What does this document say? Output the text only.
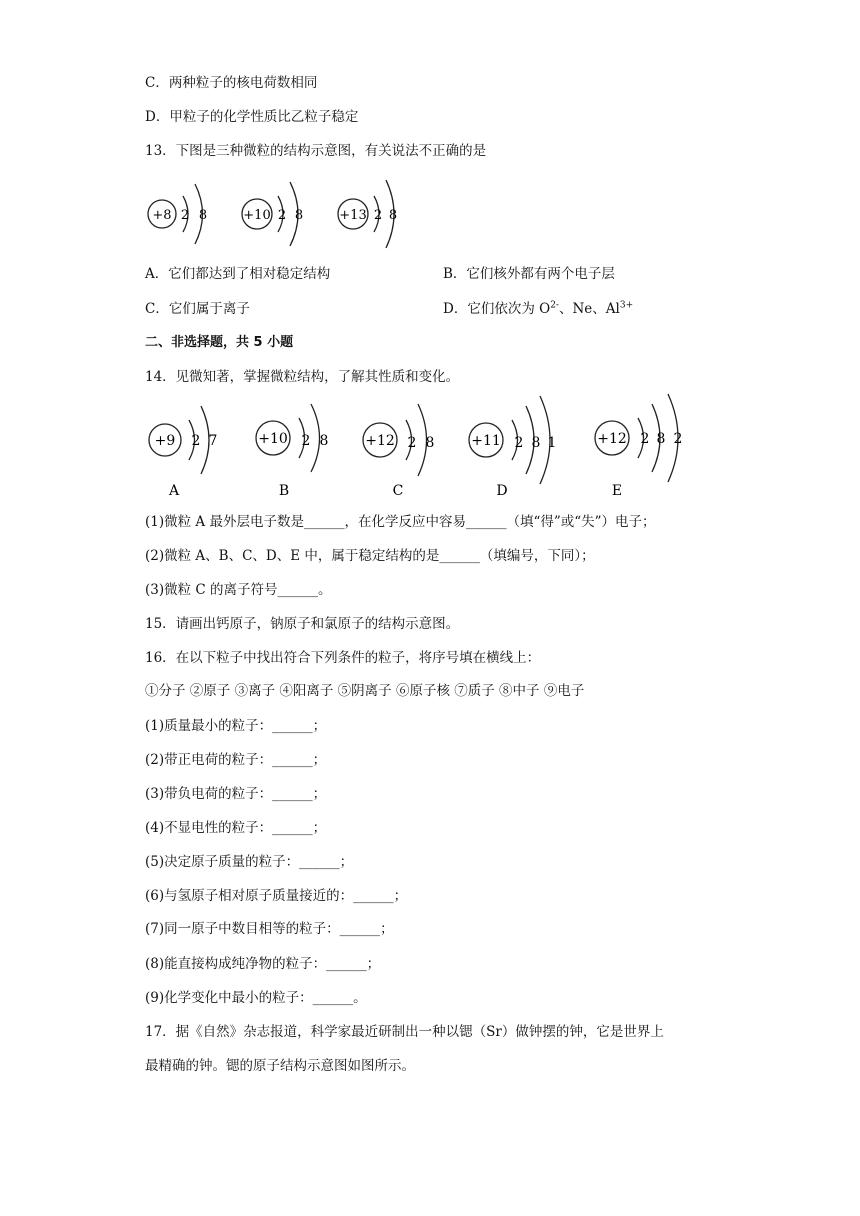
C．两种粒子的核电荷数相同
D．甲粒子的化学性质比乙粒子稳定
13．下图是三种微粒的结构示意图，有关说法不正确的是
+8 2 8	+10 2 8	+13 2 8
A．它们都达到了相对稳定结构	B．它们核外都有两个电子层
C．它们属于离子	D．它们依次为 $O^{2-}$、Ne、$Al^{3+}$
二、非选择题，共 5 小题
14．见微知著，掌握微粒结构，了解其性质和变化。
+9 2 7
A
+10 2 8
B
+12 2 8
C
+11 2 8 1
D
+12 2 8 2
E
(1)微粒 A 最外层电子数是______，在化学反应中容易______（填“得”或“失”）电子；
(2)微粒 A、B、C、D、E 中，属于稳定结构的是______（填编号，下同）；
(3)微粒 C 的离子符号______。
15．请画出钙原子，钠原子和氯原子的结构示意图。
16．在以下粒子中找出符合下列条件的粒子，将序号填在横线上：
①分子 ②原子 ③离子 ④阳离子 ⑤阴离子 ⑥原子核 ⑦质子 ⑧中子 ⑨电子
(1)质量最小的粒子：______；
(2)带正电荷的粒子：______；
(3)带负电荷的粒子：______；
(4)不显电性的粒子：______；
(5)决定原子质量的粒子：______；
(6)与氢原子相对原子质量接近的：______；
(7)同一原子中数目相等的粒子：______；
(8)能直接构成纯净物的粒子：______；
(9)化学变化中最小的粒子：______。
17．据《自然》杂志报道，科学家最近研制出一种以锶（Sr）做钟摆的钟，它是世界上
最精确的钟。锶的原子结构示意图如图所示。
